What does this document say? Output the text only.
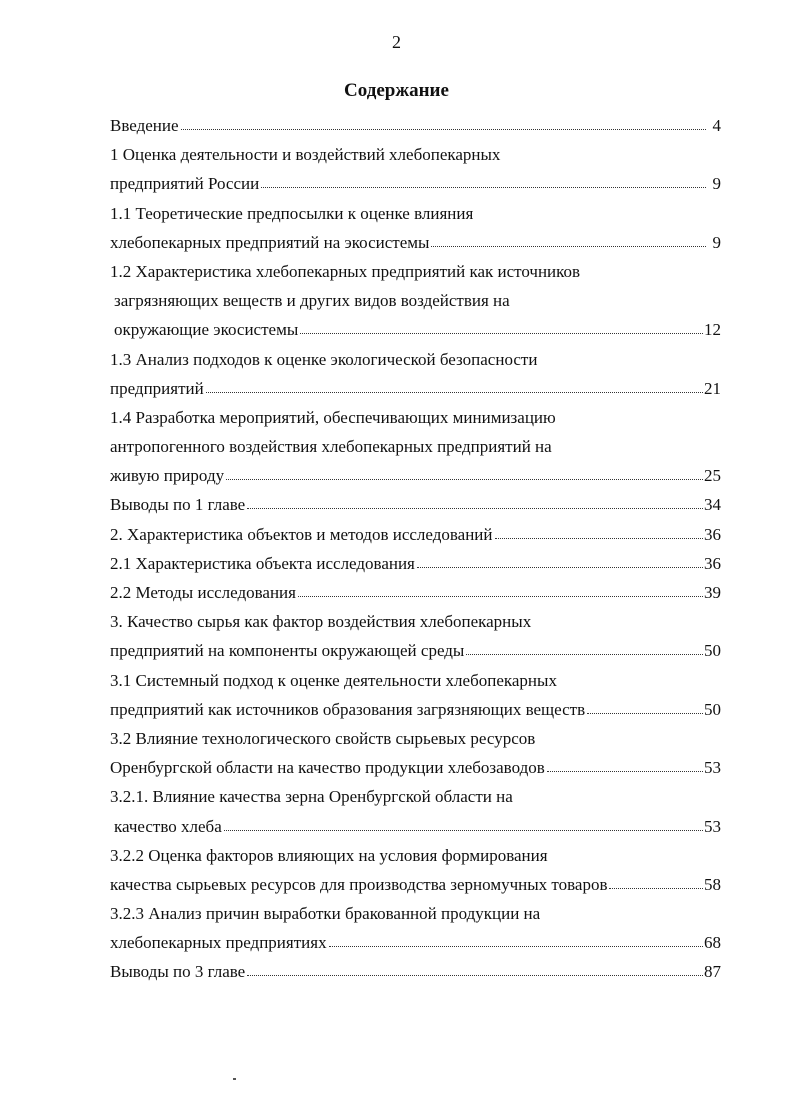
2
Содержание
Введение	4
1 Оценка деятельности и воздействий хлебопекарных
предприятий России	9
1.1 Теоретические предпосылки к оценке влияния
хлебопекарных предприятий на экосистемы	9
1.2 Характеристика хлебопекарных предприятий как источников
загрязняющих веществ и других видов воздействия на
окружающие экосистемы	12
1.3 Анализ подходов к оценке экологической безопасности
предприятий	21
1.4 Разработка мероприятий, обеспечивающих минимизацию
антропогенного воздействия хлебопекарных предприятий на
живую природу	25
Выводы по 1 главе	34
2. Характеристика объектов и методов исследований	36
2.1 Характеристика объекта исследования	36
2.2 Методы исследования	39
3. Качество сырья как фактор воздействия хлебопекарных
предприятий на компоненты окружающей среды	50
3.1 Системный подход к оценке деятельности хлебопекарных
предприятий как источников образования загрязняющих веществ	50
3.2 Влияние технологического свойств сырьевых ресурсов
Оренбургской области на качество продукции хлебозаводов	53
3.2.1. Влияние качества зерна Оренбургской области на
качество хлеба	53
3.2.2 Оценка факторов влияющих на условия формирования
качества сырьевых ресурсов для производства зерномучных товаров	58
3.2.3 Анализ причин выработки бракованной продукции на
хлебопекарных предприятиях	68
Выводы по 3 главе	87
